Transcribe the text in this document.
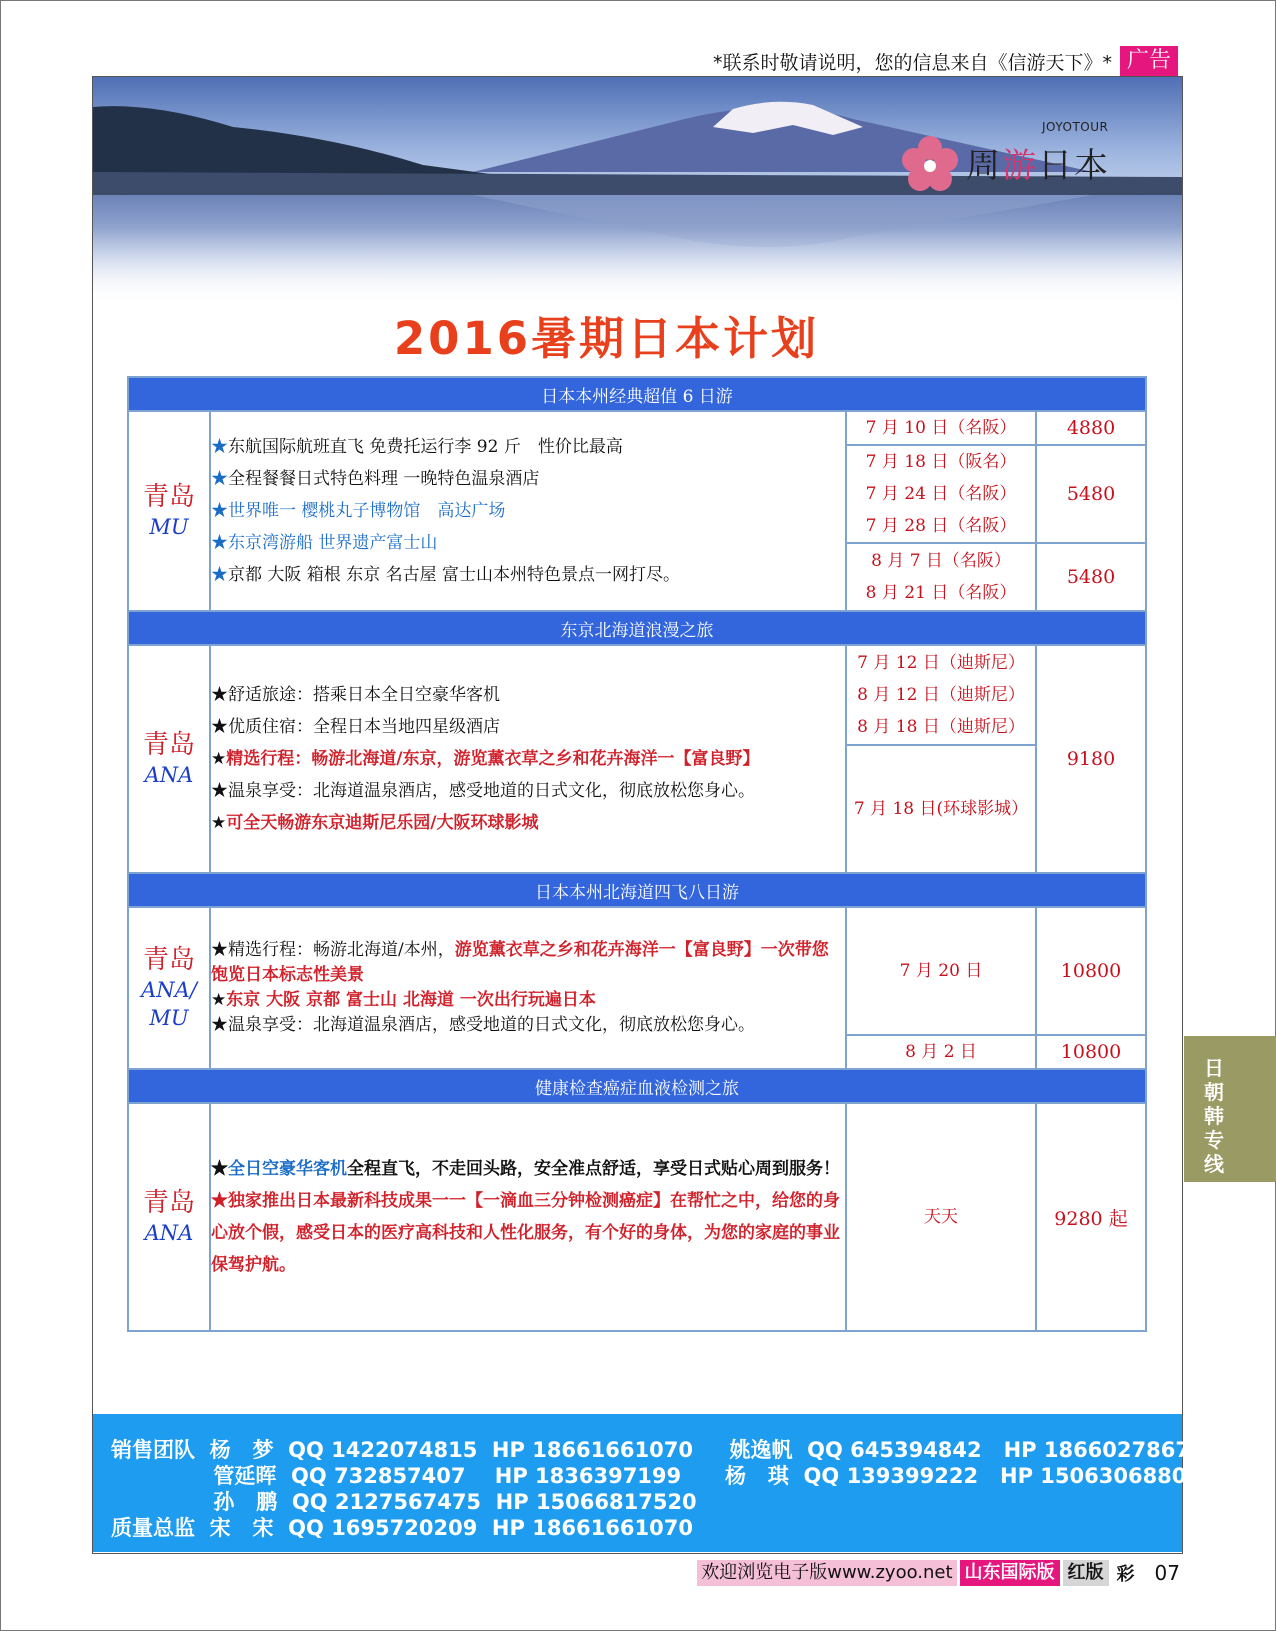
*联系时敬请说明，您的信息来自《信游天下》* 广告
JOYOTOUR
周游日本
2016暑期日本计划
日本本州经典超值 6 日游			

青岛
MU	★东航国际航班直飞 免费托运行李 92 斤　性价比最高
★全程餐餐日式特色料理 一晚特色温泉酒店
★世界唯一 樱桃丸子博物馆　高达广场
★东京湾游船 世界遗产富士山
★京都 大阪 箱根 东京 名古屋 富士山本州特色景点一网打尽。	7 月 10 日（名阪）	4880

		7 月 18 日（阪名）
7 月 24 日（名阪）
7 月 28 日（名阪）	5480

		8 月 7 日（名阪）
8 月 21 日（名阪）	5480
东京北海道浪漫之旅			

青岛
ANA	★舒适旅途：搭乘日本全日空豪华客机
★优质住宿：全程日本当地四星级酒店
★精选行程：畅游北海道/东京，游览薰衣草之乡和花卉海洋一【富良野】
★温泉享受：北海道温泉酒店，感受地道的日式文化，彻底放松您身心。
★可全天畅游东京迪斯尼乐园/大阪环球影城	7 月 12 日（迪斯尼）
8 月 12 日（迪斯尼）
8 月 18 日（迪斯尼）	9180
		7 月 18 日(环球影城）	
日本本州北海道四飞八日游			

青岛
ANA/
MU	★精选行程：畅游北海道/本州，游览薰衣草之乡和花卉海洋一【富良野】一次带您饱览日本标志性美景
★东京 大阪 京都 富士山 北海道 一次出行玩遍日本
★温泉享受：北海道温泉酒店，感受地道的日式文化，彻底放松您身心。	7 月 20 日	10800
		8 月 2 日	10800
健康检查癌症血液检测之旅			

青岛
ANA	★全日空豪华客机全程直飞，不走回头路，安全准点舒适，享受日式贴心周到服务！
★独家推出日本最新科技成果一一【一滴血三分钟检测癌症】在帮忙之中，给您的身心放个假，感受日本的医疗高科技和人性化服务，有个好的身体，为您的家庭的事业保驾护航。	天天	9280 起
销售团队  杨   梦  QQ 1422074815  HP 18661661070     姚逸帆  QQ 645394842   HP 18660278671
管延晖  QQ 732857407    HP 1836397199      杨   琪  QQ 139399222   HP 15063068800
孙   鹏  QQ 2127567475  HP 15066817520
质量总监  宋   宋  QQ 1695720209  HP 18661661070
日朝韩专线
欢迎浏览电子版www.zyoo.net 山东国际版 红版 彩	07
